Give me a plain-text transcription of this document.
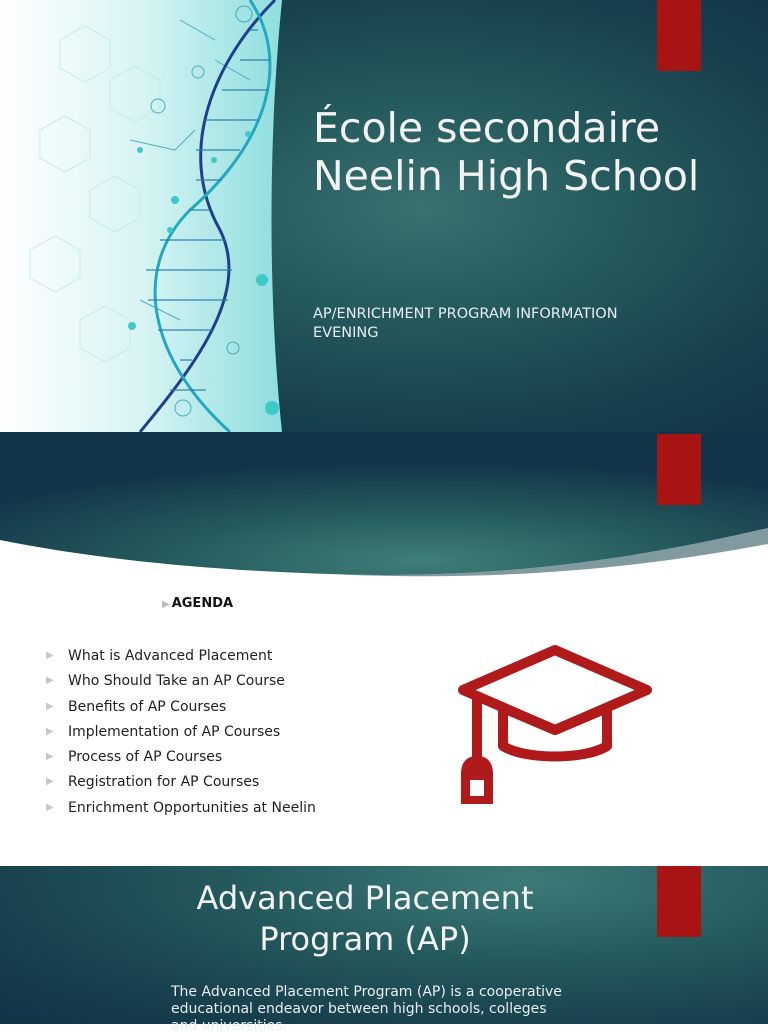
École secondaire Neelin High School

AP/ENRICHMENT PROGRAM INFORMATION EVENING

▶ AGENDA
▶ What is Advanced Placement
▶ Who Should Take an AP Course
▶ Benefits of AP Courses
▶ Implementation of AP Courses
▶ Process of AP Courses
▶ Registration for AP Courses
▶ Enrichment Opportunities at Neelin
Advanced Placement Program (AP)

The Advanced Placement Program (AP) is a cooperative educational endeavor between high schools, colleges and universities.
